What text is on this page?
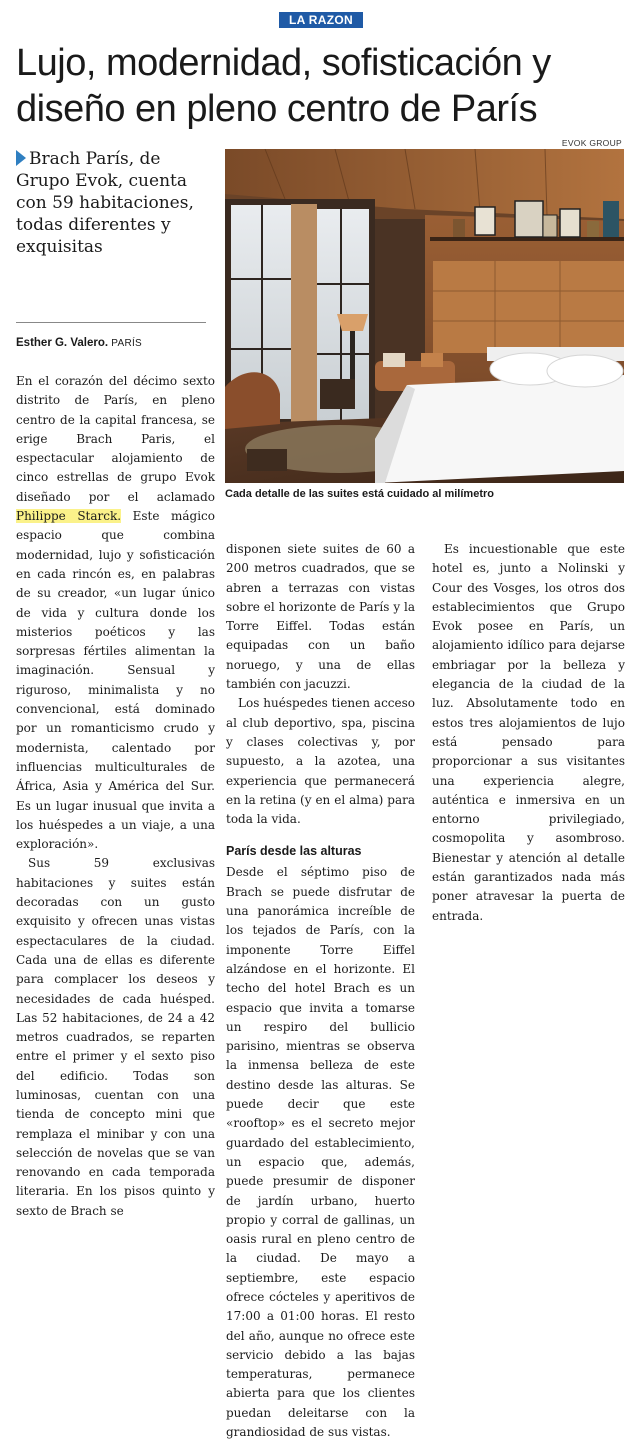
LA RAZON
Lujo, modernidad, sofisticación y diseño en pleno centro de París
Brach París, de Grupo Evok, cuenta con 59 habitaciones, todas diferentes y exquisitas
Esther G. Valero. PARÍS
EVOK GROUP
Cada detalle de las suites está cuidado al milímetro

En el corazón del décimo sexto distrito de París, en pleno centro de la capital francesa, se erige Brach Paris, el espectacular alojamiento de cinco estrellas de grupo Evok diseñado por el aclamado Philippe Starck. Este mágico espacio que combina modernidad, lujo y sofisticación en cada rincón es, en palabras de su creador, «un lugar único de vida y cultura donde los misterios poéticos y las sorpresas fértiles alimentan la imaginación. Sensual y riguroso, minimalista y no convencional, está dominado por un romanticismo crudo y modernista, calentado por influencias multiculturales de África, Asia y América del Sur. Es un lugar inusual que invita a los huéspedes a un viaje, a una exploración».

Sus 59 exclusivas habitaciones y suites están decoradas con un gusto exquisito y ofrecen unas vistas espectaculares de la ciudad. Cada una de ellas es diferente para complacer los deseos y necesidades de cada huésped. Las 52 habitaciones, de 24 a 42 metros cuadrados, se reparten entre el primer y el sexto piso del edificio. Todas son luminosas, cuentan con una tienda de concepto mini que remplaza el minibar y con una selección de novelas que se van renovando en cada temporada literaria. En los pisos quinto y sexto de Brach se

disponen siete suites de 60 a 200 metros cuadrados, que se abren a terrazas con vistas sobre el horizonte de París y la Torre Eiffel. Todas están equipadas con un baño noruego, y una de ellas también con jacuzzi.

Los huéspedes tienen acceso al club deportivo, spa, piscina y clases colectivas y, por supuesto, a la azotea, una experiencia que permanecerá en la retina (y en el alma) para toda la vida.

París desde las alturas

Desde el séptimo piso de Brach se puede disfrutar de una panorámica increíble de los tejados de París, con la imponente Torre Eiffel alzándose en el horizonte. El techo del hotel Brach es un espacio que invita a tomarse un respiro del bullicio parisino, mientras se observa la inmensa belleza de este destino desde las alturas. Se puede decir que este «rooftop» es el secreto mejor guardado del establecimiento, un espacio que, además, puede presumir de disponer de jardín urbano, huerto propio y corral de gallinas, un oasis rural en pleno centro de la ciudad. De mayo a septiembre, este espacio ofrece cócteles y aperitivos de 17:00 a 01:00 horas. El resto del año, aunque no ofrece este servicio debido a las bajas temperaturas, permanece abierta para que los clientes puedan deleitarse con la grandiosidad de sus vistas.

Es incuestionable que este hotel es, junto a Nolinski y Cour des Vosges, los otros dos establecimientos que Grupo Evok posee en París, un alojamiento idílico para dejarse embriagar por la belleza y elegancia de la ciudad de la luz. Absolutamente todo en estos tres alojamientos de lujo está pensado para proporcionar a sus visitantes una experiencia alegre, auténtica e inmersiva en un entorno privilegiado, cosmopolita y asombroso. Bienestar y atención al detalle están garantizados nada más poner atravesar la puerta de entrada.
